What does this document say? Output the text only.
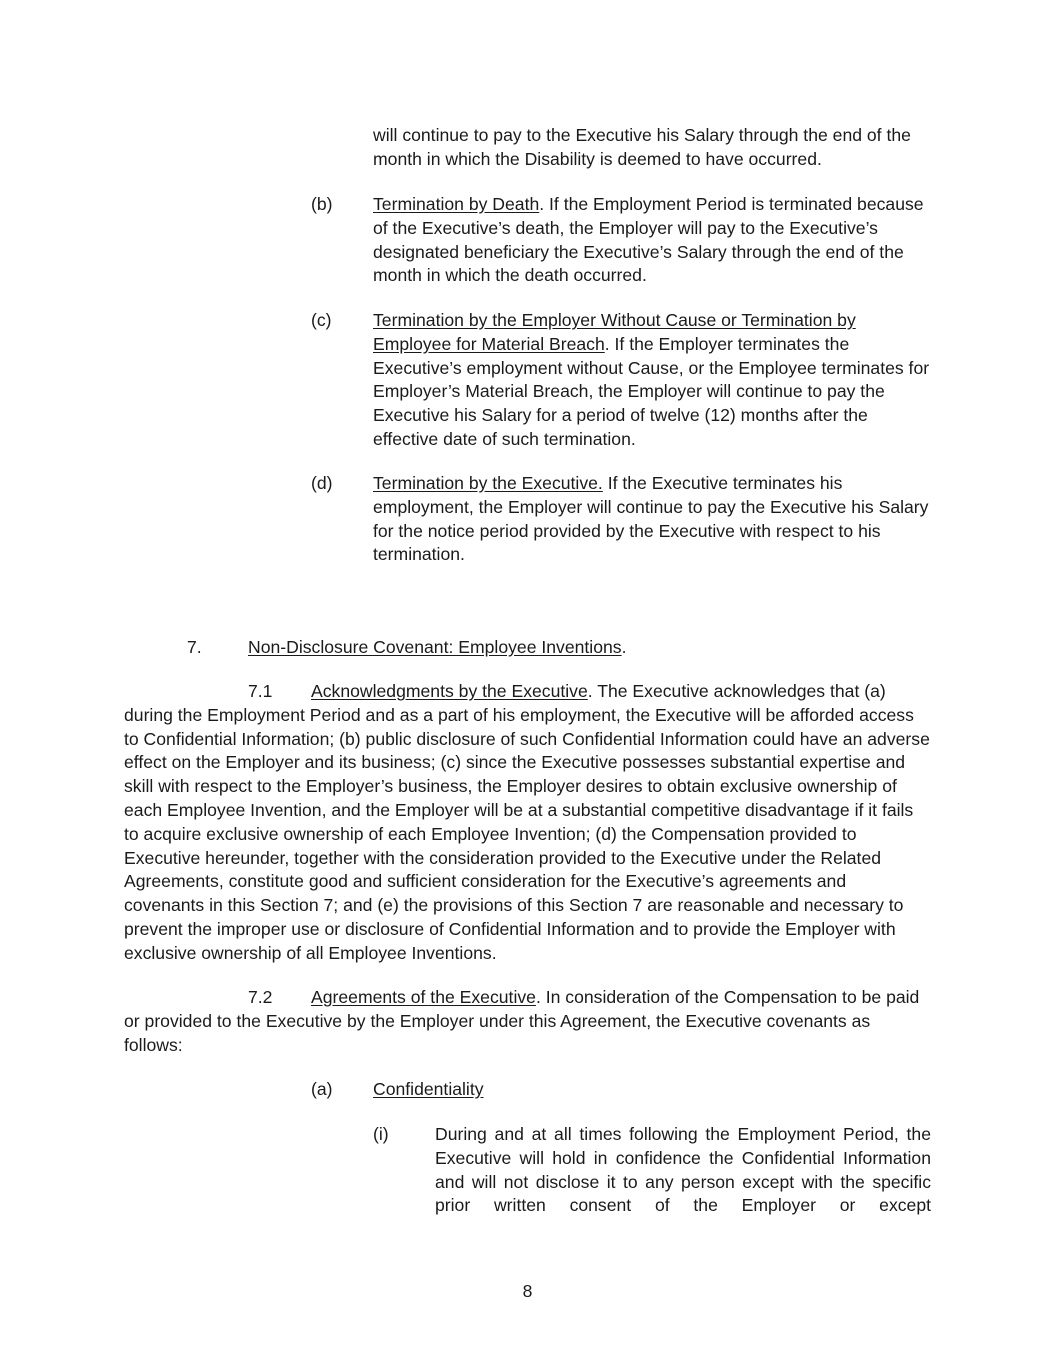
will continue to pay to the Executive his Salary through the end of the month in which the Disability is deemed to have occurred.

(b) Termination by Death. If the Employment Period is terminated because of the Executive’s death, the Employer will pay to the Executive’s designated beneficiary the Executive’s Salary through the end of the month in which the death occurred.

(c) Termination by the Employer Without Cause or Termination by Employee for Material Breach. If the Employer terminates the Executive’s employment without Cause, or the Employee terminates for Employer’s Material Breach, the Employer will continue to pay the Executive his Salary for a period of twelve (12) months after the effective date of such termination.

(d) Termination by the Executive. If the Executive terminates his employment, the Employer will continue to pay the Executive his Salary for the notice period provided by the Executive with respect to his termination.

7.	Non-Disclosure Covenant: Employee Inventions.

7.1	Acknowledgments by the Executive. The Executive acknowledges that (a) during the Employment Period and as a part of his employment, the Executive will be afforded access to Confidential Information; (b) public disclosure of such Confidential Information could have an adverse effect on the Employer and its business; (c) since the Executive possesses substantial expertise and skill with respect to the Employer’s business, the Employer desires to obtain exclusive ownership of each Employee Invention, and the Employer will be at a substantial competitive disadvantage if it fails to acquire exclusive ownership of each Employee Invention; (d) the Compensation provided to Executive hereunder, together with the consideration provided to the Executive under the Related Agreements, constitute good and sufficient consideration for the Executive’s agreements and covenants in this Section 7; and (e) the provisions of this Section 7 are reasonable and necessary to prevent the improper use or disclosure of Confidential Information and to provide the Employer with exclusive ownership of all Employee Inventions.

7.2	Agreements of the Executive. In consideration of the Compensation to be paid or provided to the Executive by the Employer under this Agreement, the Executive covenants as follows:

(a) Confidentiality

(i)	During and at all times following the Employment Period, the Executive will hold in confidence the Confidential Information and will not disclose it to any person except with the specific prior written consent of the Employer or except

8
